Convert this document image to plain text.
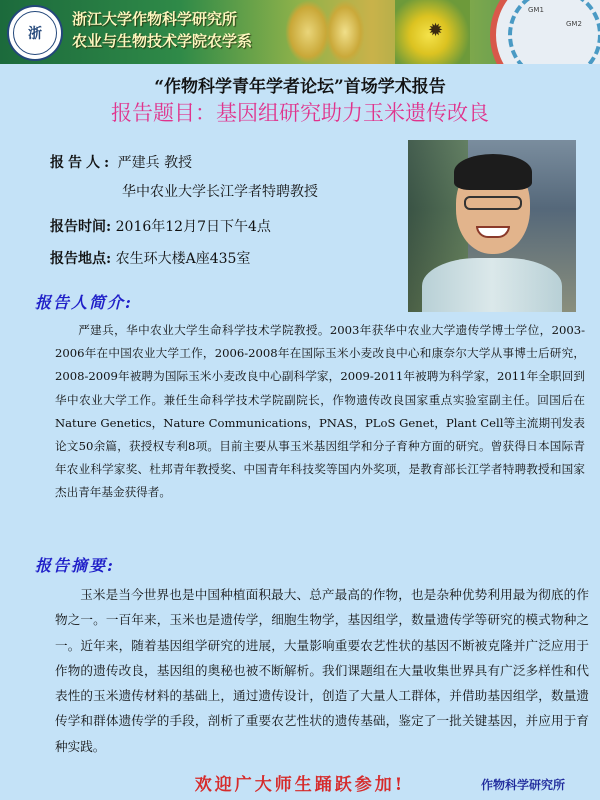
✹
GM1
GM2
浙
浙江大学作物科学研究所
农业与生物技术学院农学系
“作物科学青年学者论坛”首场学术报告
报告题目：基因组研究助力玉米遗传改良
报告人: 严建兵 教授
华中农业大学长江学者特聘教授
报告时间: 2016年12月7日下午4点
报告地点: 农生环大楼A座435室
报告人简介:
严建兵，华中农业大学生命科学技术学院教授。2003年获华中农业大学遗传学博士学位，2003-2006年在中国农业大学工作，2006-2008年在国际玉米小麦改良中心和康奈尔大学从事博士后研究，2008-2009年被聘为国际玉米小麦改良中心副科学家，2009-2011年被聘为科学家，2011年全职回到华中农业大学工作。兼任生命科学技术学院副院长，作物遗传改良国家重点实验室副主任。回国后在Nature Genetics，Nature Communications，PNAS，PLoS Genet，Plant Cell等主流期刊发表论文50余篇，获授权专利8项。目前主要从事玉米基因组学和分子育种方面的研究。曾获得日本国际青年农业科学家奖、杜邦青年教授奖、中国青年科技奖等国内外奖项，是教育部长江学者特聘教授和国家杰出青年基金获得者。
报告摘要:
玉米是当今世界也是中国种植面积最大、总产最高的作物，也是杂种优势利用最为彻底的作物之一。一百年来，玉米也是遗传学，细胞生物学，基因组学，数量遗传学等研究的模式物种之一。近年来，随着基因组学研究的进展，大量影响重要农艺性状的基因不断被克隆并广泛应用于作物的遗传改良，基因组的奥秘也被不断解析。我们课题组在大量收集世界具有广泛多样性和代表性的玉米遗传材料的基础上，通过遗传设计，创造了大量人工群体，并借助基因组学，数量遗传学和群体遗传学的手段，剖析了重要农艺性状的遗传基础，鉴定了一批关键基因，并应用于育种实践。
欢迎广大师生踊跃参加!	作物科学研究所
